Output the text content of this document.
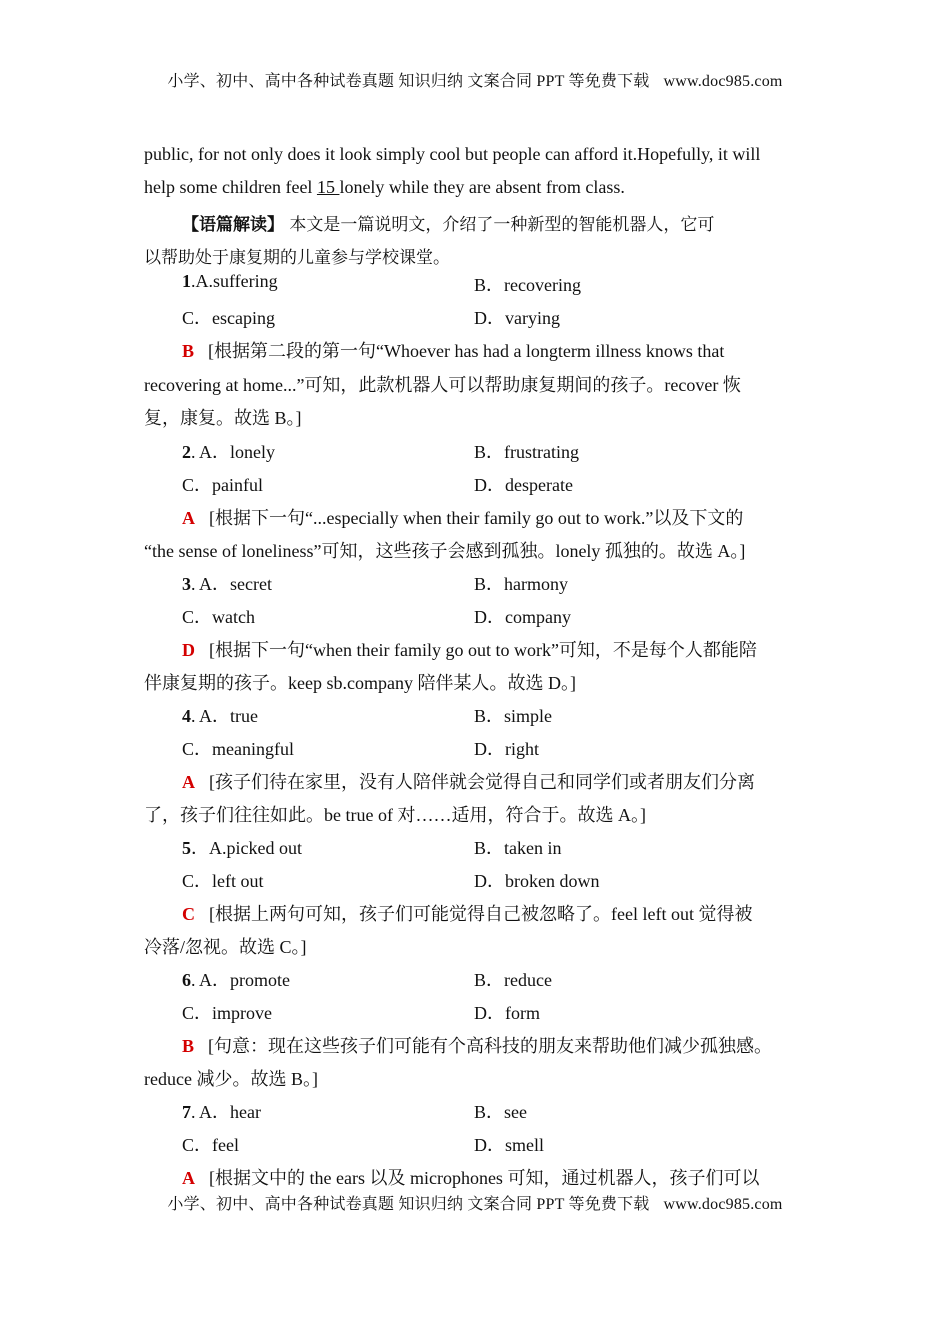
小学、初中、高中各种试卷真题 知识归纳 文案合同 PPT 等免费下载 www.doc985.com
public, for not only does it look simply cool but people can afford it.Hopefully, it will
help some children feel 15 lonely while they are absent from class.
【语篇解读】 本文是一篇说明文，介绍了一种新型的智能机器人，它可
以帮助处于康复期的儿童参与学校课堂。
1.A.suffering	B．recovering
C．escaping	D．varying
B [根据第二段的第一句“Whoever has had a longterm illness knows that
recovering at home...”可知，此款机器人可以帮助康复期间的孩子。recover 恢
复，康复。故选 B。]
2. A．lonely	B．frustrating
C．painful	D．desperate
A [根据下一句“...especially when their family go out to work.”以及下文的
“the sense of loneliness”可知，这些孩子会感到孤独。lonely 孤独的。故选 A。]
3. A．secret	B．harmony
C．watch	D．company
D [根据下一句“when their family go out to work”可知，不是每个人都能陪
伴康复期的孩子。keep sb.company 陪伴某人。故选 D。]
4. A．true	B．simple
C．meaningful	D．right
A [孩子们待在家里，没有人陪伴就会觉得自己和同学们或者朋友们分离
了，孩子们往往如此。be true of 对……适用，符合于。故选 A。]
5．A.picked out	B．taken in
C．left out	D．broken down
C [根据上两句可知，孩子们可能觉得自己被忽略了。feel left out 觉得被
冷落/忽视。故选 C。]
6. A．promote	B．reduce
C．improve	D．form
B [句意：现在这些孩子们可能有个高科技的朋友来帮助他们减少孤独感。
reduce 减少。故选 B。]
7. A．hear	B．see
C．feel	D．smell
A [根据文中的 the ears 以及 microphones 可知，通过机器人，孩子们可以
小学、初中、高中各种试卷真题 知识归纳 文案合同 PPT 等免费下载 www.doc985.com
